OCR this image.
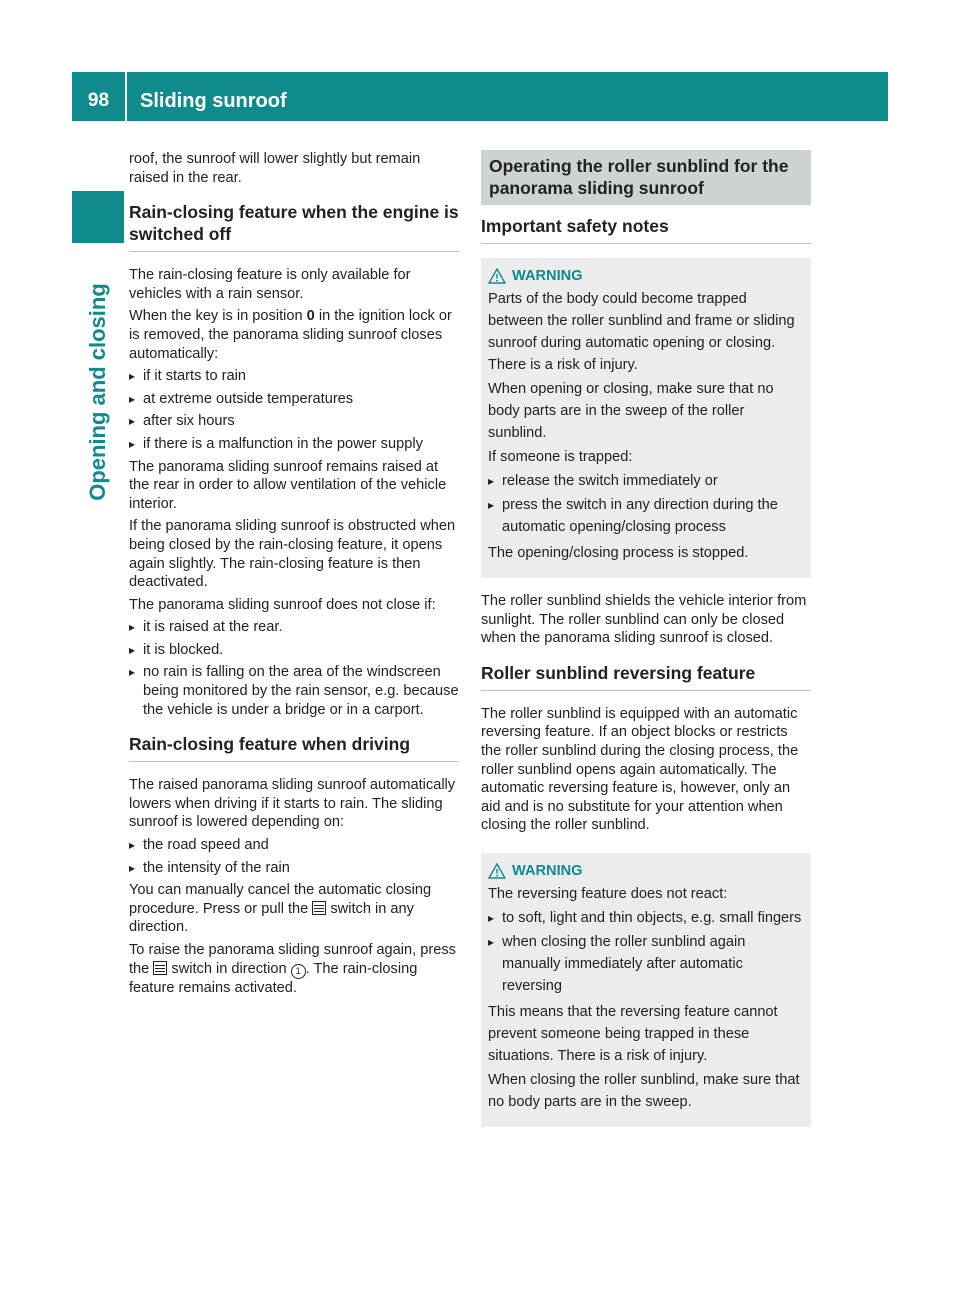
98	Sliding sunroof
Opening and closing

roof, the sunroof will lower slightly but remain raised in the rear.

Rain-closing feature when the engine is switched off

The rain-closing feature is only available for vehicles with a rain sensor.

When the key is in position 0 in the ignition lock or is removed, the panorama sliding sunroof closes automatically:

▸ if it starts to rain
▸ at extreme outside temperatures
▸ after six hours
▸ if there is a malfunction in the power supply

The panorama sliding sunroof remains raised at the rear in order to allow ventilation of the vehicle interior.

If the panorama sliding sunroof is obstructed when being closed by the rain-closing feature, it opens again slightly. The rain-closing feature is then deactivated.

The panorama sliding sunroof does not close if:

▸ it is raised at the rear.
▸ it is blocked.
▸ no rain is falling on the area of the windscreen being monitored by the rain sensor, e.g. because the vehicle is under a bridge or in a carport.
Rain-closing feature when driving

The raised panorama sliding sunroof automatically lowers when driving if it starts to rain. The sliding sunroof is lowered depending on:

▸ the road speed and
▸ the intensity of the rain

You can manually cancel the automatic closing procedure. Press or pull the  switch in any direction.

To raise the panorama sliding sunroof again, press the  switch in direction 1 . The rain-closing feature remains activated.

Operating the roller sunblind for the panorama sliding sunroof
Important safety notes
WARNING

Parts of the body could become trapped between the roller sunblind and frame or sliding sunroof during automatic opening or closing. There is a risk of injury.

When opening or closing, make sure that no body parts are in the sweep of the roller sunblind.

If someone is trapped:

▸ release the switch immediately or
▸ press the switch in any direction during the automatic opening/closing process

The opening/closing process is stopped.

The roller sunblind shields the vehicle interior from sunlight. The roller sunblind can only be closed when the panorama sliding sunroof is closed.

Roller sunblind reversing feature

The roller sunblind is equipped with an automatic reversing feature. If an object blocks or restricts the roller sunblind during the closing process, the roller sunblind opens again automatically. The automatic reversing feature is, however, only an aid and is no substitute for your attention when closing the roller sunblind.

WARNING

The reversing feature does not react:

▸ to soft, light and thin objects, e.g. small fingers
▸ when closing the roller sunblind again manually immediately after automatic reversing

This means that the reversing feature cannot prevent someone being trapped in these situations. There is a risk of injury.

When closing the roller sunblind, make sure that no body parts are in the sweep.
